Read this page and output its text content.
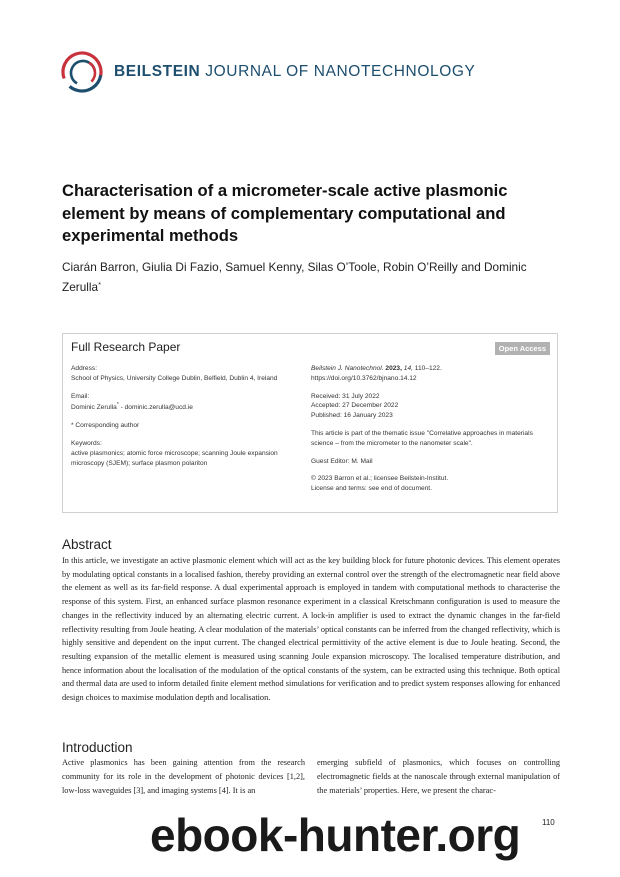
BEILSTEIN JOURNAL OF NANOTECHNOLOGY
Characterisation of a micrometer-scale active plasmonic element by means of complementary computational and experimental methods
Ciarán Barron, Giulia Di Fazio, Samuel Kenny, Silas O’Toole, Robin O’Reilly and Dominic Zerulla*
Full Research Paper	Open Access
Address:
School of Physics, University College Dublin, Belfield, Dublin 4, Ireland
Email:
Dominic Zerulla* - dominic.zerulla@ucd.ie
* Corresponding author
Keywords:
active plasmonics; atomic force microscope; scanning Joule expansion microscopy (SJEM); surface plasmon polariton
Beilstein J. Nanotechnol. 2023, 14, 110–122.
https://doi.org/10.3762/bjnano.14.12
Received: 31 July 2022
Accepted: 27 December 2022
Published: 16 January 2023
This article is part of the thematic issue "Correlative approaches in materials science – from the micrometer to the nanometer scale".
Guest Editor: M. Mail
© 2023 Barron et al.; licensee Beilstein-Institut.
License and terms: see end of document.
Abstract
In this article, we investigate an active plasmonic element which will act as the key building block for future photonic devices. This element operates by modulating optical constants in a localised fashion, thereby providing an external control over the strength of the electromagnetic near field above the element as well as its far-field response. A dual experimental approach is employed in tandem with computational methods to characterise the response of this system. First, an enhanced surface plasmon resonance experiment in a classical Kretschmann configuration is used to measure the changes in the reflectivity induced by an alternating electric current. A lock-in amplifier is used to extract the dynamic changes in the far-field reflectivity resulting from Joule heating. A clear modulation of the materials’ optical constants can be inferred from the changed reflectivity, which is highly sensitive and dependent on the input current. The changed electrical permittivity of the active element is due to Joule heating. Second, the resulting expansion of the metallic element is measured using scanning Joule expansion microscopy. The localised temperature distribution, and hence information about the localisation of the modulation of the optical constants of the system, can be extracted using this technique. Both optical and thermal data are used to inform detailed finite element method simulations for verification and to predict system responses allowing for enhanced design choices to maximise modulation depth and localisation.
Introduction
Active plasmonics has been gaining attention from the research community for its role in the development of photonic devices [1,2], low-loss waveguides [3], and imaging systems [4]. It is an
emerging subfield of plasmonics, which focuses on controlling electromagnetic fields at the nanoscale through external manipulation of the materials’ properties. Here, we present the charac-
110
ebook-hunter.org
